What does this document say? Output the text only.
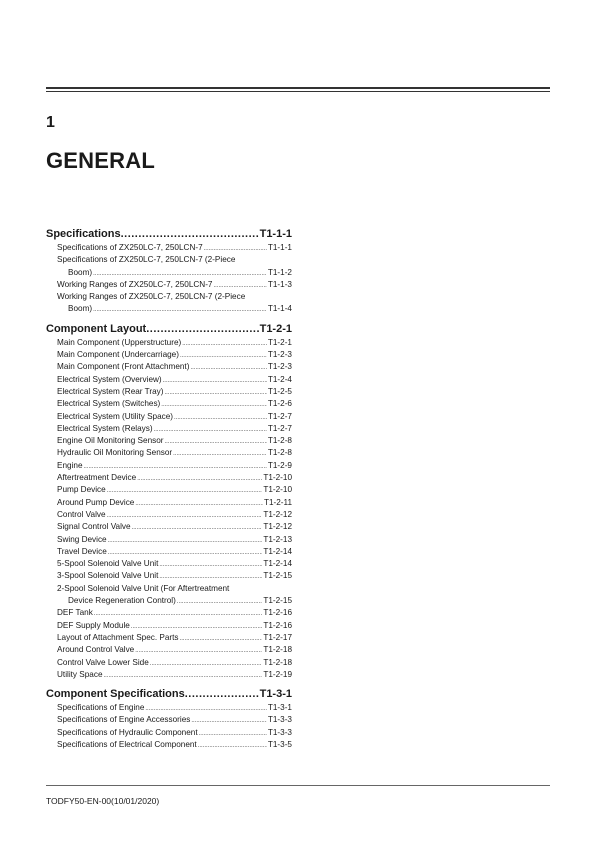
1
GENERAL
Specifications .....	T1-1-1
Specifications of ZX250LC-7, 250LCN-7 .....	T1-1-1
Specifications of ZX250LC-7, 250LCN-7 (2-Piece
Boom) .....	T1-1-2
Working Ranges of ZX250LC-7, 250LCN-7 .....	T1-1-3
Working Ranges of ZX250LC-7, 250LCN-7 (2-Piece
Boom) .....	T1-1-4
Component Layout .....	T1-2-1
Main Component (Upperstructure) .....	T1-2-1
Main Component (Undercarriage) .....	T1-2-3
Main Component (Front Attachment) .....	T1-2-3
Electrical System (Overview) .....	T1-2-4
Electrical System (Rear Tray) .....	T1-2-5
Electrical System (Switches) .....	T1-2-6
Electrical System (Utility Space) .....	T1-2-7
Electrical System (Relays) .....	T1-2-7
Engine Oil Monitoring Sensor .....	T1-2-8
Hydraulic Oil Monitoring Sensor .....	T1-2-8
Engine .....	T1-2-9
Aftertreatment Device .....	T1-2-10
Pump Device .....	T1-2-10
Around Pump Device .....	T1-2-11
Control Valve .....	T1-2-12
Signal Control Valve .....	T1-2-12
Swing Device .....	T1-2-13
Travel Device .....	T1-2-14
5-Spool Solenoid Valve Unit .....	T1-2-14
3-Spool Solenoid Valve Unit .....	T1-2-15
2-Spool Solenoid Valve Unit (For Aftertreatment
Device Regeneration Control) .....	T1-2-15
DEF Tank .....	T1-2-16
DEF Supply Module .....	T1-2-16
Layout of Attachment Spec. Parts .....	T1-2-17
Around Control Valve .....	T1-2-18
Control Valve Lower Side .....	T1-2-18
Utility Space .....	T1-2-19
Component Specifications .....	T1-3-1
Specifications of Engine .....	T1-3-1
Specifications of Engine Accessories .....	T1-3-3
Specifications of Hydraulic Component .....	T1-3-3
Specifications of Electrical Component .....	T1-3-5
TODFY50-EN-00(10/01/2020)
